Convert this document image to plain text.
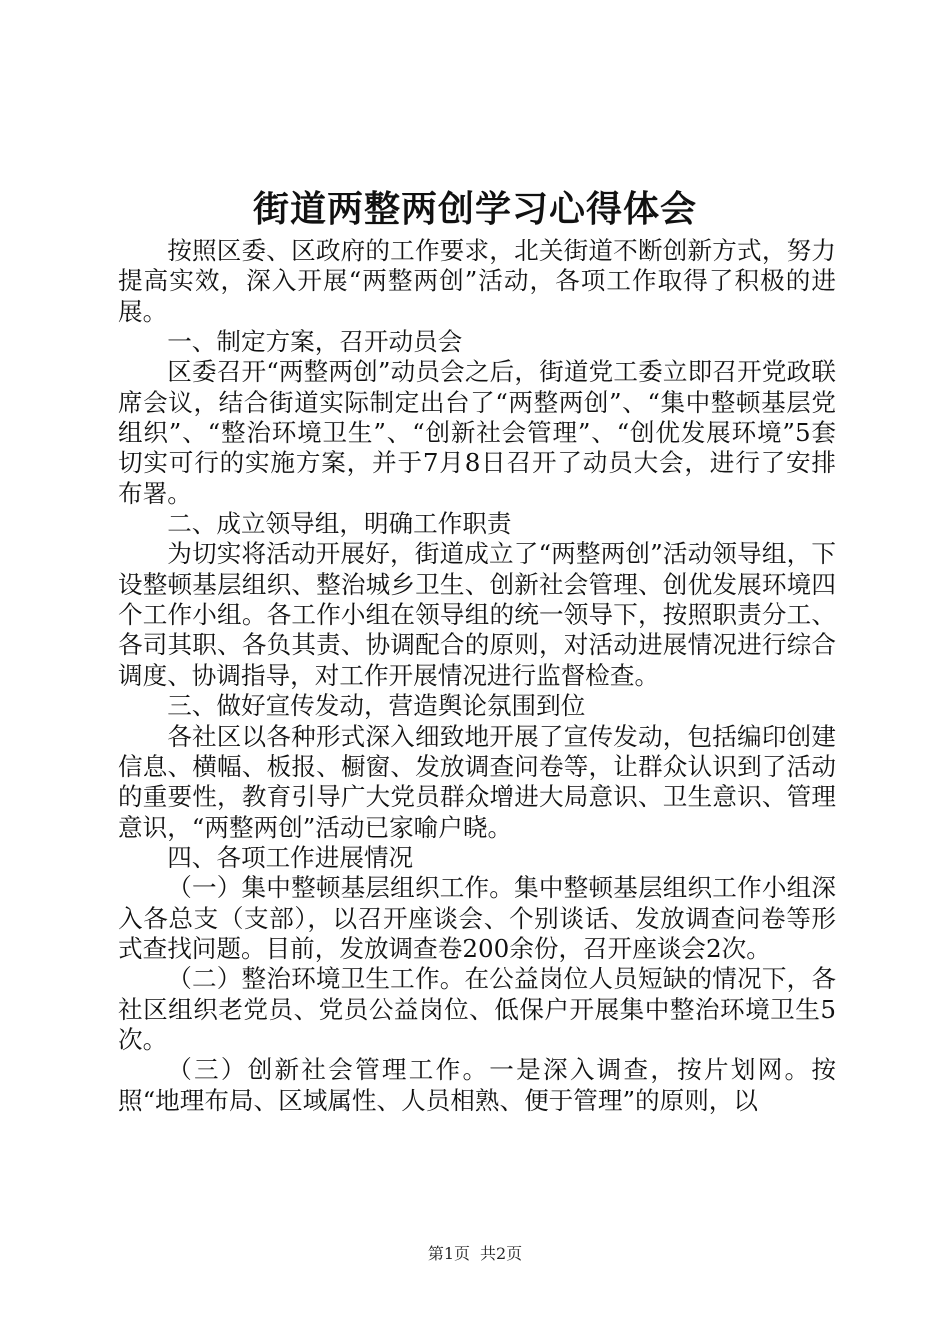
街道两整两创学习心得体会

按照区委、区政府的工作要求，北关街道不断创新方式，努力提高实效，深入开展“两整两创”活动，各项工作取得了积极的进展。

一、制定方案，召开动员会

区委召开“两整两创”动员会之后，街道党工委立即召开党政联席会议，结合街道实际制定出台了“两整两创”、“集中整顿基层党组织”、“整治环境卫生”、“创新社会管理”、“创优发展环境”5套切实可行的实施方案，并于7月8日召开了动员大会，进行了安排布署。

二、成立领导组，明确工作职责

为切实将活动开展好，街道成立了“两整两创”活动领导组，下设整顿基层组织、整治城乡卫生、创新社会管理、创优发展环境四个工作小组。各工作小组在领导组的统一领导下，按照职责分工、各司其职、各负其责、协调配合的原则，对活动进展情况进行综合调度、协调指导，对工作开展情况进行监督检查。

三、做好宣传发动，营造舆论氛围到位

各社区以各种形式深入细致地开展了宣传发动，包括编印创建信息、横幅、板报、橱窗、发放调查问卷等，让群众认识到了活动的重要性，教育引导广大党员群众增进大局意识、卫生意识、管理意识，“两整两创”活动已家喻户晓。

四、各项工作进展情况

（一）集中整顿基层组织工作。集中整顿基层组织工作小组深入各总支（支部），以召开座谈会、个别谈话、发放调查问卷等形式查找问题。目前，发放调查卷200余份，召开座谈会2次。

（二）整治环境卫生工作。在公益岗位人员短缺的情况下，各社区组织老党员、党员公益岗位、低保户开展集中整治环境卫生5次。

（三）创新社会管理工作。一是深入调查，按片划网。按照“地理布局、区域属性、人员相熟、便于管理”的原则，以

第1页 共2页
